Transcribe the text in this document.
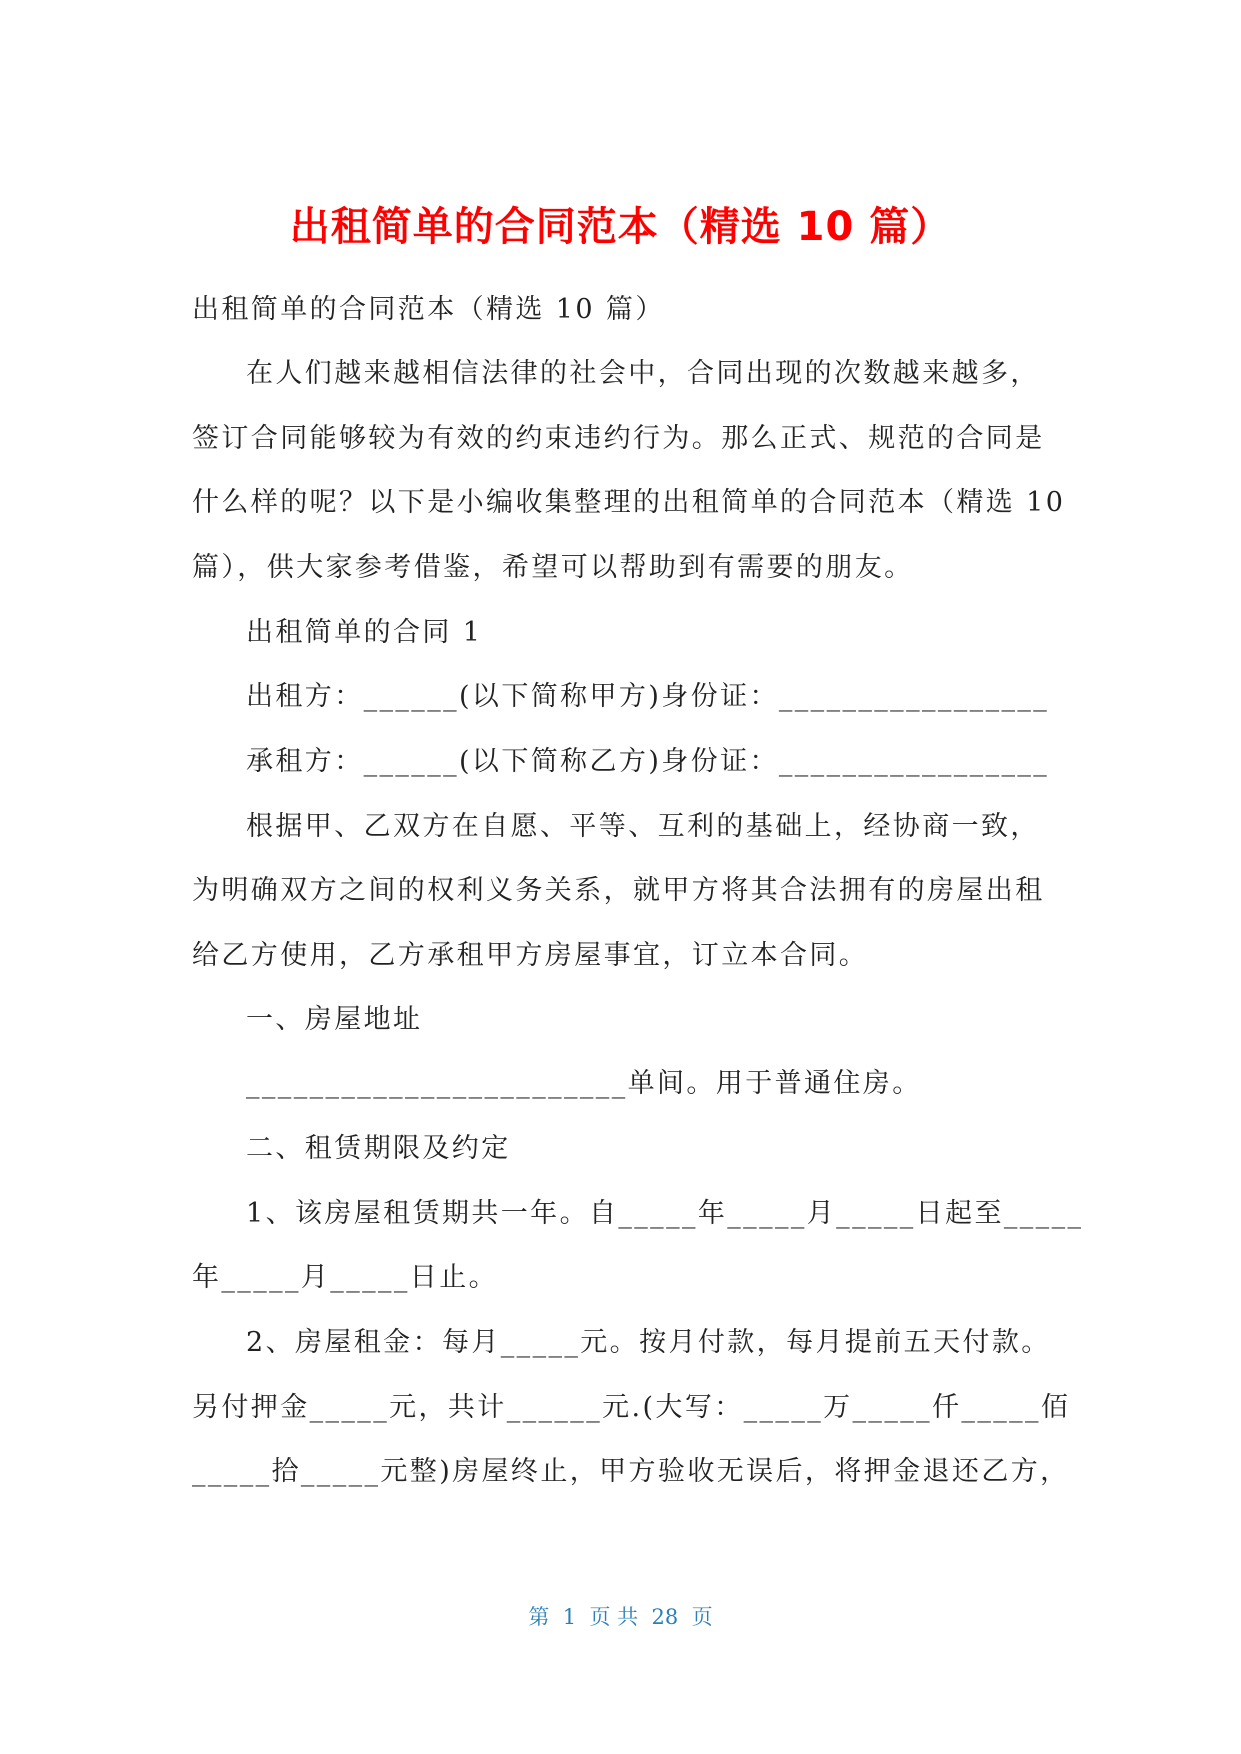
出租简单的合同范本（精选 10 篇）
出租简单的合同范本（精选 10 篇）
在人们越来越相信法律的社会中，合同出现的次数越来越多，
签订合同能够较为有效的约束违约行为。那么正式、规范的合同是
什么样的呢？以下是小编收集整理的出租简单的合同范本（精选 10
篇），供大家参考借鉴，希望可以帮助到有需要的朋友。
出租简单的合同 1
出租方：______(以下简称甲方)身份证：_________________
承租方：______(以下简称乙方)身份证：_________________
根据甲、乙双方在自愿、平等、互利的基础上，经协商一致，
为明确双方之间的权利义务关系，就甲方将其合法拥有的房屋出租
给乙方使用，乙方承租甲方房屋事宜，订立本合同。
一、房屋地址
________________________单间。用于普通住房。
二、租赁期限及约定
1、该房屋租赁期共一年。自_____年_____月_____日起至_____
年_____月_____日止。
2、房屋租金：每月_____元。按月付款，每月提前五天付款。
另付押金_____元，共计______元.(大写：_____万_____仟_____佰
_____拾_____元整)房屋终止，甲方验收无误后，将押金退还乙方，
第  1  页 共  28  页
